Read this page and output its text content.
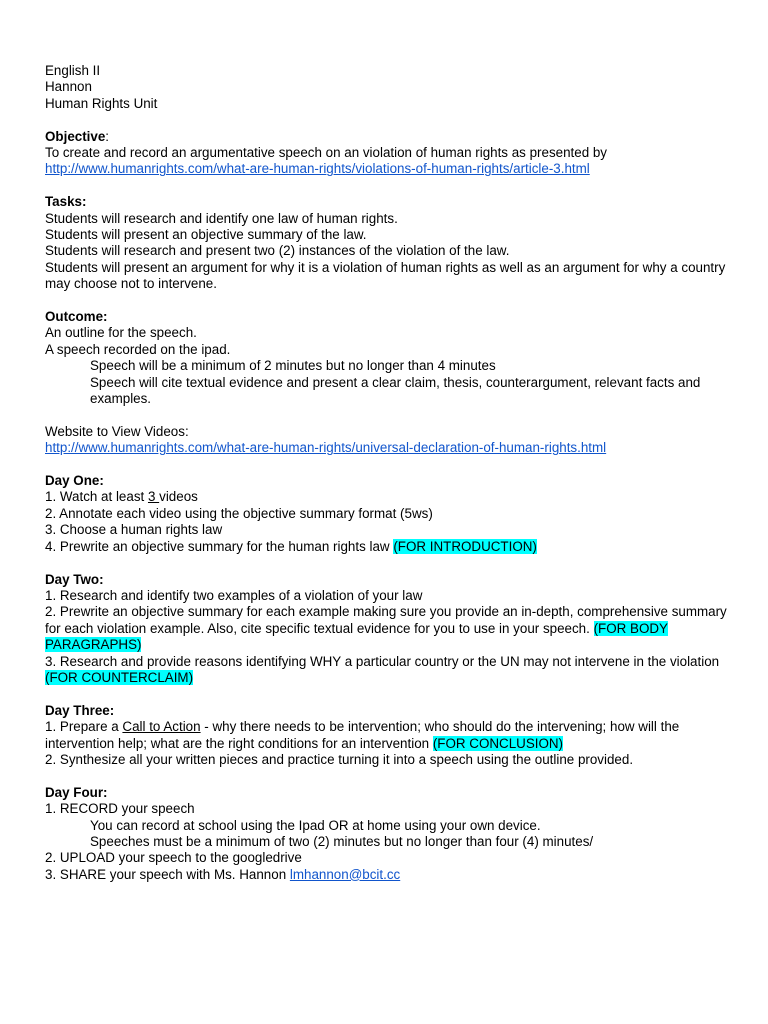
English II

Hannon

Human Rights Unit

Objective:

To create and record an argumentative speech on an violation of human rights as presented by

http://www.humanrights.com/what-are-human-rights/violations-of-human-rights/article-3.html

Tasks:

Students will research and identify one law of human rights.

Students will present an objective summary of the law.

Students will research and present two (2) instances of the violation of the law.

Students will present an argument for why it is a violation of human rights as well as an argument for why a country may choose not to intervene.

Outcome:

An outline for the speech.

A speech recorded on the ipad.

Speech will be a minimum of 2 minutes but no longer than 4 minutes

Speech will cite textual evidence and present a clear claim, thesis, counterargument, relevant facts and examples.

Website to View Videos:

http://www.humanrights.com/what-are-human-rights/universal-declaration-of-human-rights.html

Day One:

1. Watch at least 3 videos

2. Annotate each video using the objective summary format (5ws)

3. Choose a human rights law

4. Prewrite an objective summary for the human rights law (FOR INTRODUCTION)

Day Two:

1. Research and identify two examples of a violation of your law

2. Prewrite an objective summary for each example making sure you provide an in-depth, comprehensive summary for each violation example. Also, cite specific textual evidence for you to use in your speech. (FOR BODY PARAGRAPHS)

3. Research and provide reasons identifying WHY a particular country or the UN may not intervene in the violation (FOR COUNTERCLAIM)

Day Three:

1. Prepare a Call to Action - why there needs to be intervention; who should do the intervening; how will the intervention help; what are the right conditions for an intervention (FOR CONCLUSION)

2. Synthesize all your written pieces and practice turning it into a speech using the outline provided.

Day Four:

1. RECORD your speech

You can record at school using the Ipad OR at home using your own device.

Speeches must be a minimum of two (2) minutes but no longer than four (4) minutes/

2. UPLOAD your speech to the googledrive

3. SHARE your speech with Ms. Hannon lmhannon@bcit.cc
